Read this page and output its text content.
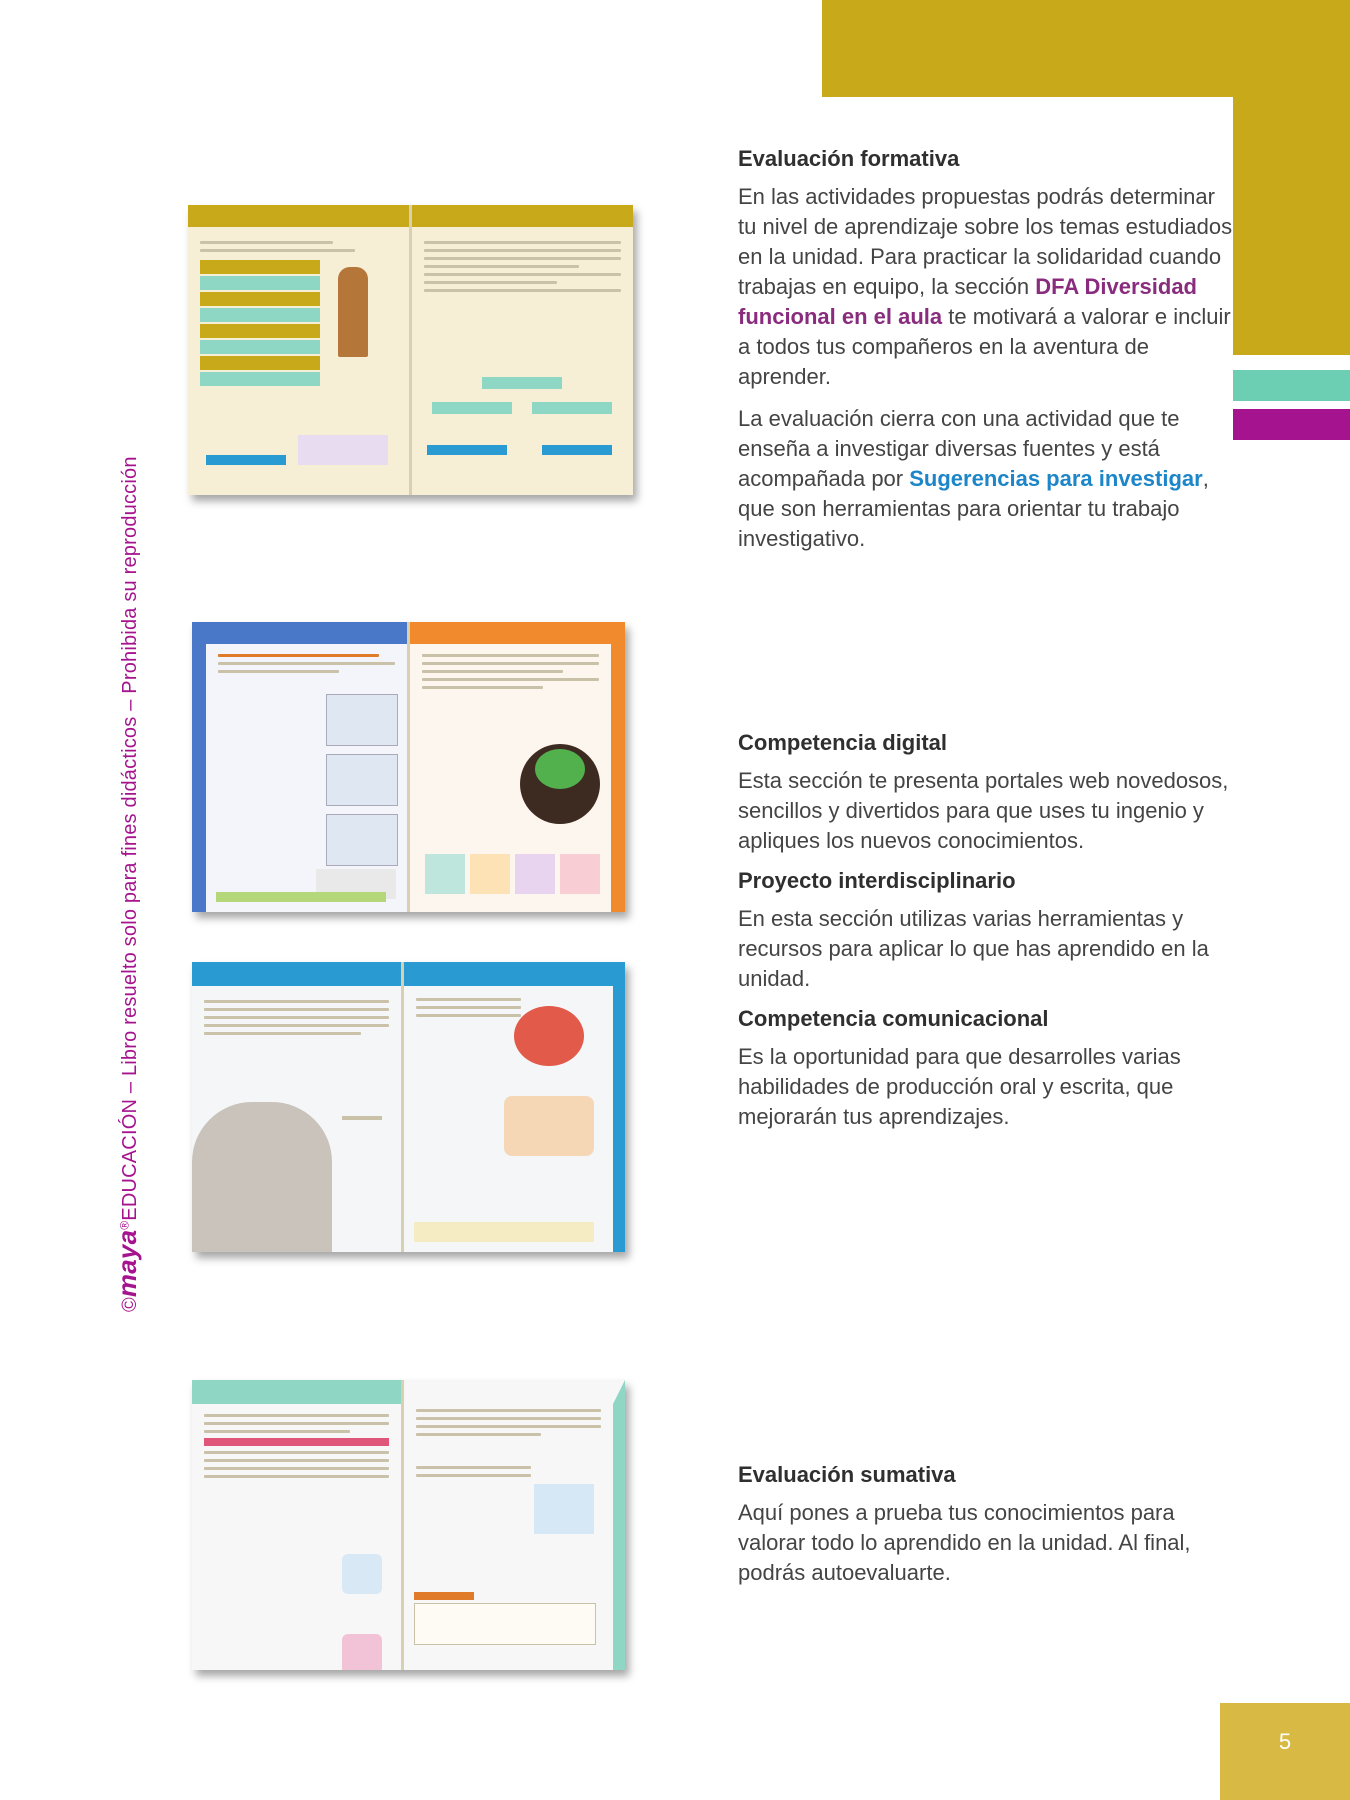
©maya®EDUCACIÓN – Libro resuelto solo para fines didácticos – Prohibida su reproducción
Taller Evaluación formativa
Competencia digital	Proyecto interdisciplinario
Competencia comunicacional
Compruebo mis aprendizajes
Evaluación sumativa
Evaluación formativa

En las actividades propuestas podrás determinar tu nivel de aprendizaje sobre los temas estudiados en la unidad. Para practicar la solidaridad cuando trabajas en equipo, la sección DFA Diversidad funcional en el aula te motivará a valorar e incluir a todos tus compañeros en la aventura de aprender.

La evaluación cierra con una actividad que te enseña a investigar diversas fuentes y está acompañada por Sugerencias para investigar, que son herramientas para orientar tu trabajo investigativo.

Competencia digital

Esta sección te presenta portales web novedosos, sencillos y divertidos para que uses tu ingenio y apliques los nuevos conocimientos.

Proyecto interdisciplinario

En esta sección utilizas varias herramientas y recursos para aplicar lo que has aprendido en la unidad.

Competencia comunicacional

Es la oportunidad para que desarrolles varias habilidades de producción oral y escrita, que mejorarán tus aprendizajes.

Evaluación sumativa

Aquí pones a prueba tus conocimientos para valorar todo lo aprendido en la unidad. Al final, podrás autoevaluarte.

5
